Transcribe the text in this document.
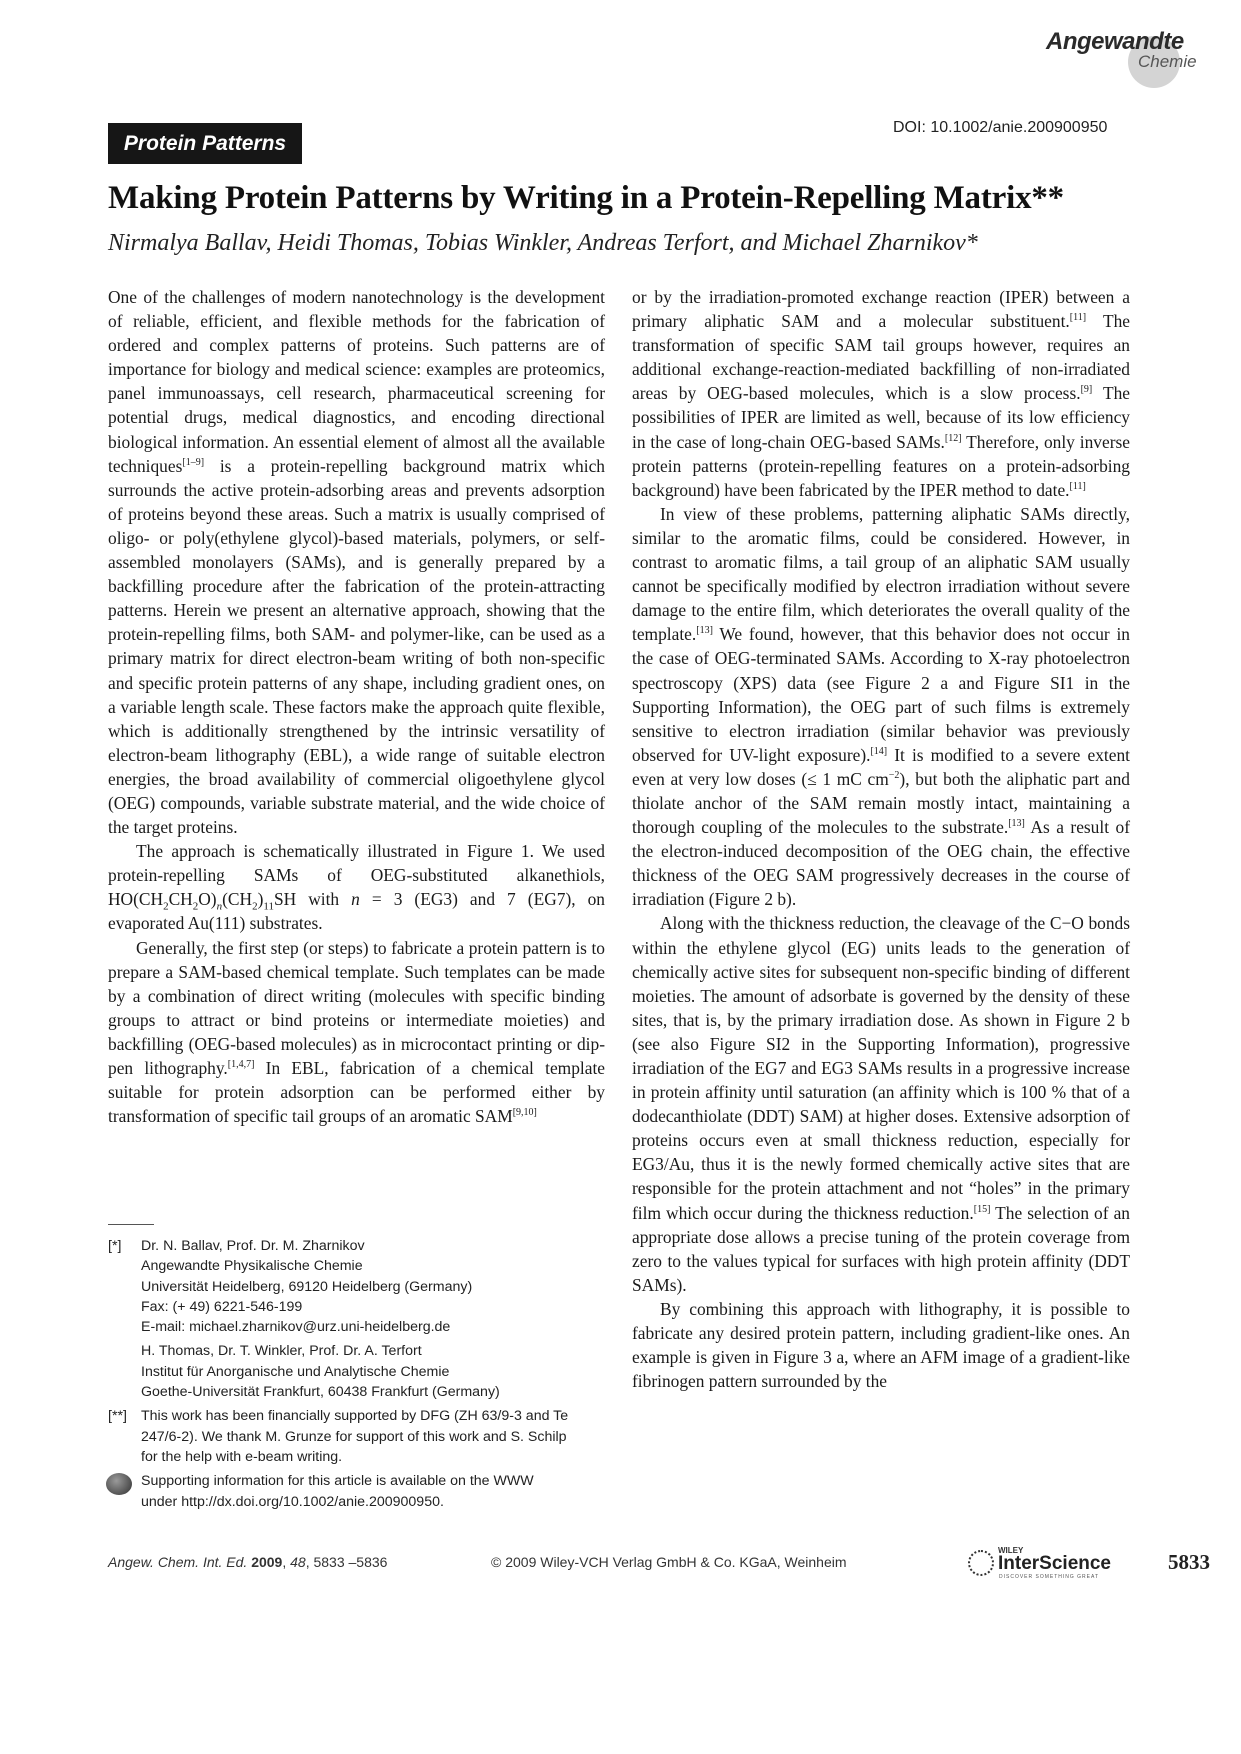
Angewandte
Chemie
DOI: 10.1002/anie.200900950
Protein Patterns
Making Protein Patterns by Writing in a Protein-Repelling Matrix**

Nirmalya Ballav, Heidi Thomas, Tobias Winkler, Andreas Terfort, and Michael Zharnikov*

One of the challenges of modern nanotechnology is the development of reliable, efficient, and flexible methods for the fabrication of ordered and complex patterns of proteins. Such patterns are of importance for biology and medical science: examples are proteomics, panel immunoassays, cell research, pharmaceutical screening for potential drugs, medical diagnostics, and encoding directional biological information. An essential element of almost all the available techniques[1–9] is a protein-repelling background matrix which surrounds the active protein-adsorbing areas and prevents adsorption of proteins beyond these areas. Such a matrix is usually comprised of oligo- or poly(ethylene glycol)-based materials, polymers, or self-assembled monolayers (SAMs), and is generally prepared by a backfilling procedure after the fabrication of the protein-attracting patterns. Herein we present an alternative approach, showing that the protein-repelling films, both SAM- and polymer-like, can be used as a primary matrix for direct electron-beam writing of both non-specific and specific protein patterns of any shape, including gradient ones, on a variable length scale. These factors make the approach quite flexible, which is additionally strengthened by the intrinsic versatility of electron-beam lithography (EBL), a wide range of suitable electron energies, the broad availability of commercial oligoethylene glycol (OEG) compounds, variable substrate material, and the wide choice of the target proteins.

The approach is schematically illustrated in Figure 1. We used protein-repelling SAMs of OEG-substituted alkanethiols, $HO(CH_2CH_2O)_n(CH_2)_{11}SH$ with n = 3 (EG3) and 7 (EG7), on evaporated Au(111) substrates.

Generally, the first step (or steps) to fabricate a protein pattern is to prepare a SAM-based chemical template. Such templates can be made by a combination of direct writing (molecules with specific binding groups to attract or bind proteins or intermediate moieties) and backfilling (OEG-based molecules) as in microcontact printing or dip-pen lithography.[1,4,7] In EBL, fabrication of a chemical template suitable for protein adsorption can be performed either by transformation of specific tail groups of an aromatic SAM[9,10]

or by the irradiation-promoted exchange reaction (IPER) between a primary aliphatic SAM and a molecular substituent.[11] The transformation of specific SAM tail groups however, requires an additional exchange-reaction-mediated backfilling of non-irradiated areas by OEG-based molecules, which is a slow process.[9] The possibilities of IPER are limited as well, because of its low efficiency in the case of long-chain OEG-based SAMs.[12] Therefore, only inverse protein patterns (protein-repelling features on a protein-adsorbing background) have been fabricated by the IPER method to date.[11]

In view of these problems, patterning aliphatic SAMs directly, similar to the aromatic films, could be considered. However, in contrast to aromatic films, a tail group of an aliphatic SAM usually cannot be specifically modified by electron irradiation without severe damage to the entire film, which deteriorates the overall quality of the template.[13] We found, however, that this behavior does not occur in the case of OEG-terminated SAMs. According to X-ray photoelectron spectroscopy (XPS) data (see Figure 2 a and Figure SI1 in the Supporting Information), the OEG part of such films is extremely sensitive to electron irradiation (similar behavior was previously observed for UV-light exposure).[14] It is modified to a severe extent even at very low doses (≤ 1 mC $cm^{-2}$), but both the aliphatic part and thiolate anchor of the SAM remain mostly intact, maintaining a thorough coupling of the molecules to the substrate.[13] As a result of the electron-induced decomposition of the OEG chain, the effective thickness of the OEG SAM progressively decreases in the course of irradiation (Figure 2 b).

Along with the thickness reduction, the cleavage of the C−O bonds within the ethylene glycol (EG) units leads to the generation of chemically active sites for subsequent non-specific binding of different moieties. The amount of adsorbate is governed by the density of these sites, that is, by the primary irradiation dose. As shown in Figure 2 b (see also Figure SI2 in the Supporting Information), progressive irradiation of the EG7 and EG3 SAMs results in a progressive increase in protein affinity until saturation (an affinity which is 100 % that of a dodecanthiolate (DDT) SAM) at higher doses. Extensive adsorption of proteins occurs even at small thickness reduction, especially for EG3/Au, thus it is the newly formed chemically active sites that are responsible for the protein attachment and not “holes” in the primary film which occur during the thickness reduction.[15] The selection of an appropriate dose allows a precise tuning of the protein coverage from zero to the values typical for surfaces with high protein affinity (DDT SAMs).

By combining this approach with lithography, it is possible to fabricate any desired protein pattern, including gradient-like ones. An example is given in Figure 3 a, where an AFM image of a gradient-like fibrinogen pattern surrounded by the

[*] Dr. N. Ballav, Prof. Dr. M. Zharnikov
Angewandte Physikalische Chemie
Universität Heidelberg, 69120 Heidelberg (Germany)
Fax: (+ 49) 6221-546-199
E-mail: michael.zharnikov@urz.uni-heidelberg.de
H. Thomas, Dr. T. Winkler, Prof. Dr. A. Terfort
Institut für Anorganische und Analytische Chemie
Goethe-Universität Frankfurt, 60438 Frankfurt (Germany)
[**] This work has been financially supported by DFG (ZH 63/9-3 and Te
247/6-2). We thank M. Grunze for support of this work and S. Schilp
for the help with e-beam writing.
Supporting information for this article is available on the WWW
under http://dx.doi.org/10.1002/anie.200900950.
Angew. Chem. Int. Ed. 2009, 48, 5833 –5836	© 2009 Wiley-VCH Verlag GmbH & Co. KGaA, Weinheim
WILEY
InterScience
DISCOVER SOMETHING GREAT
5833
